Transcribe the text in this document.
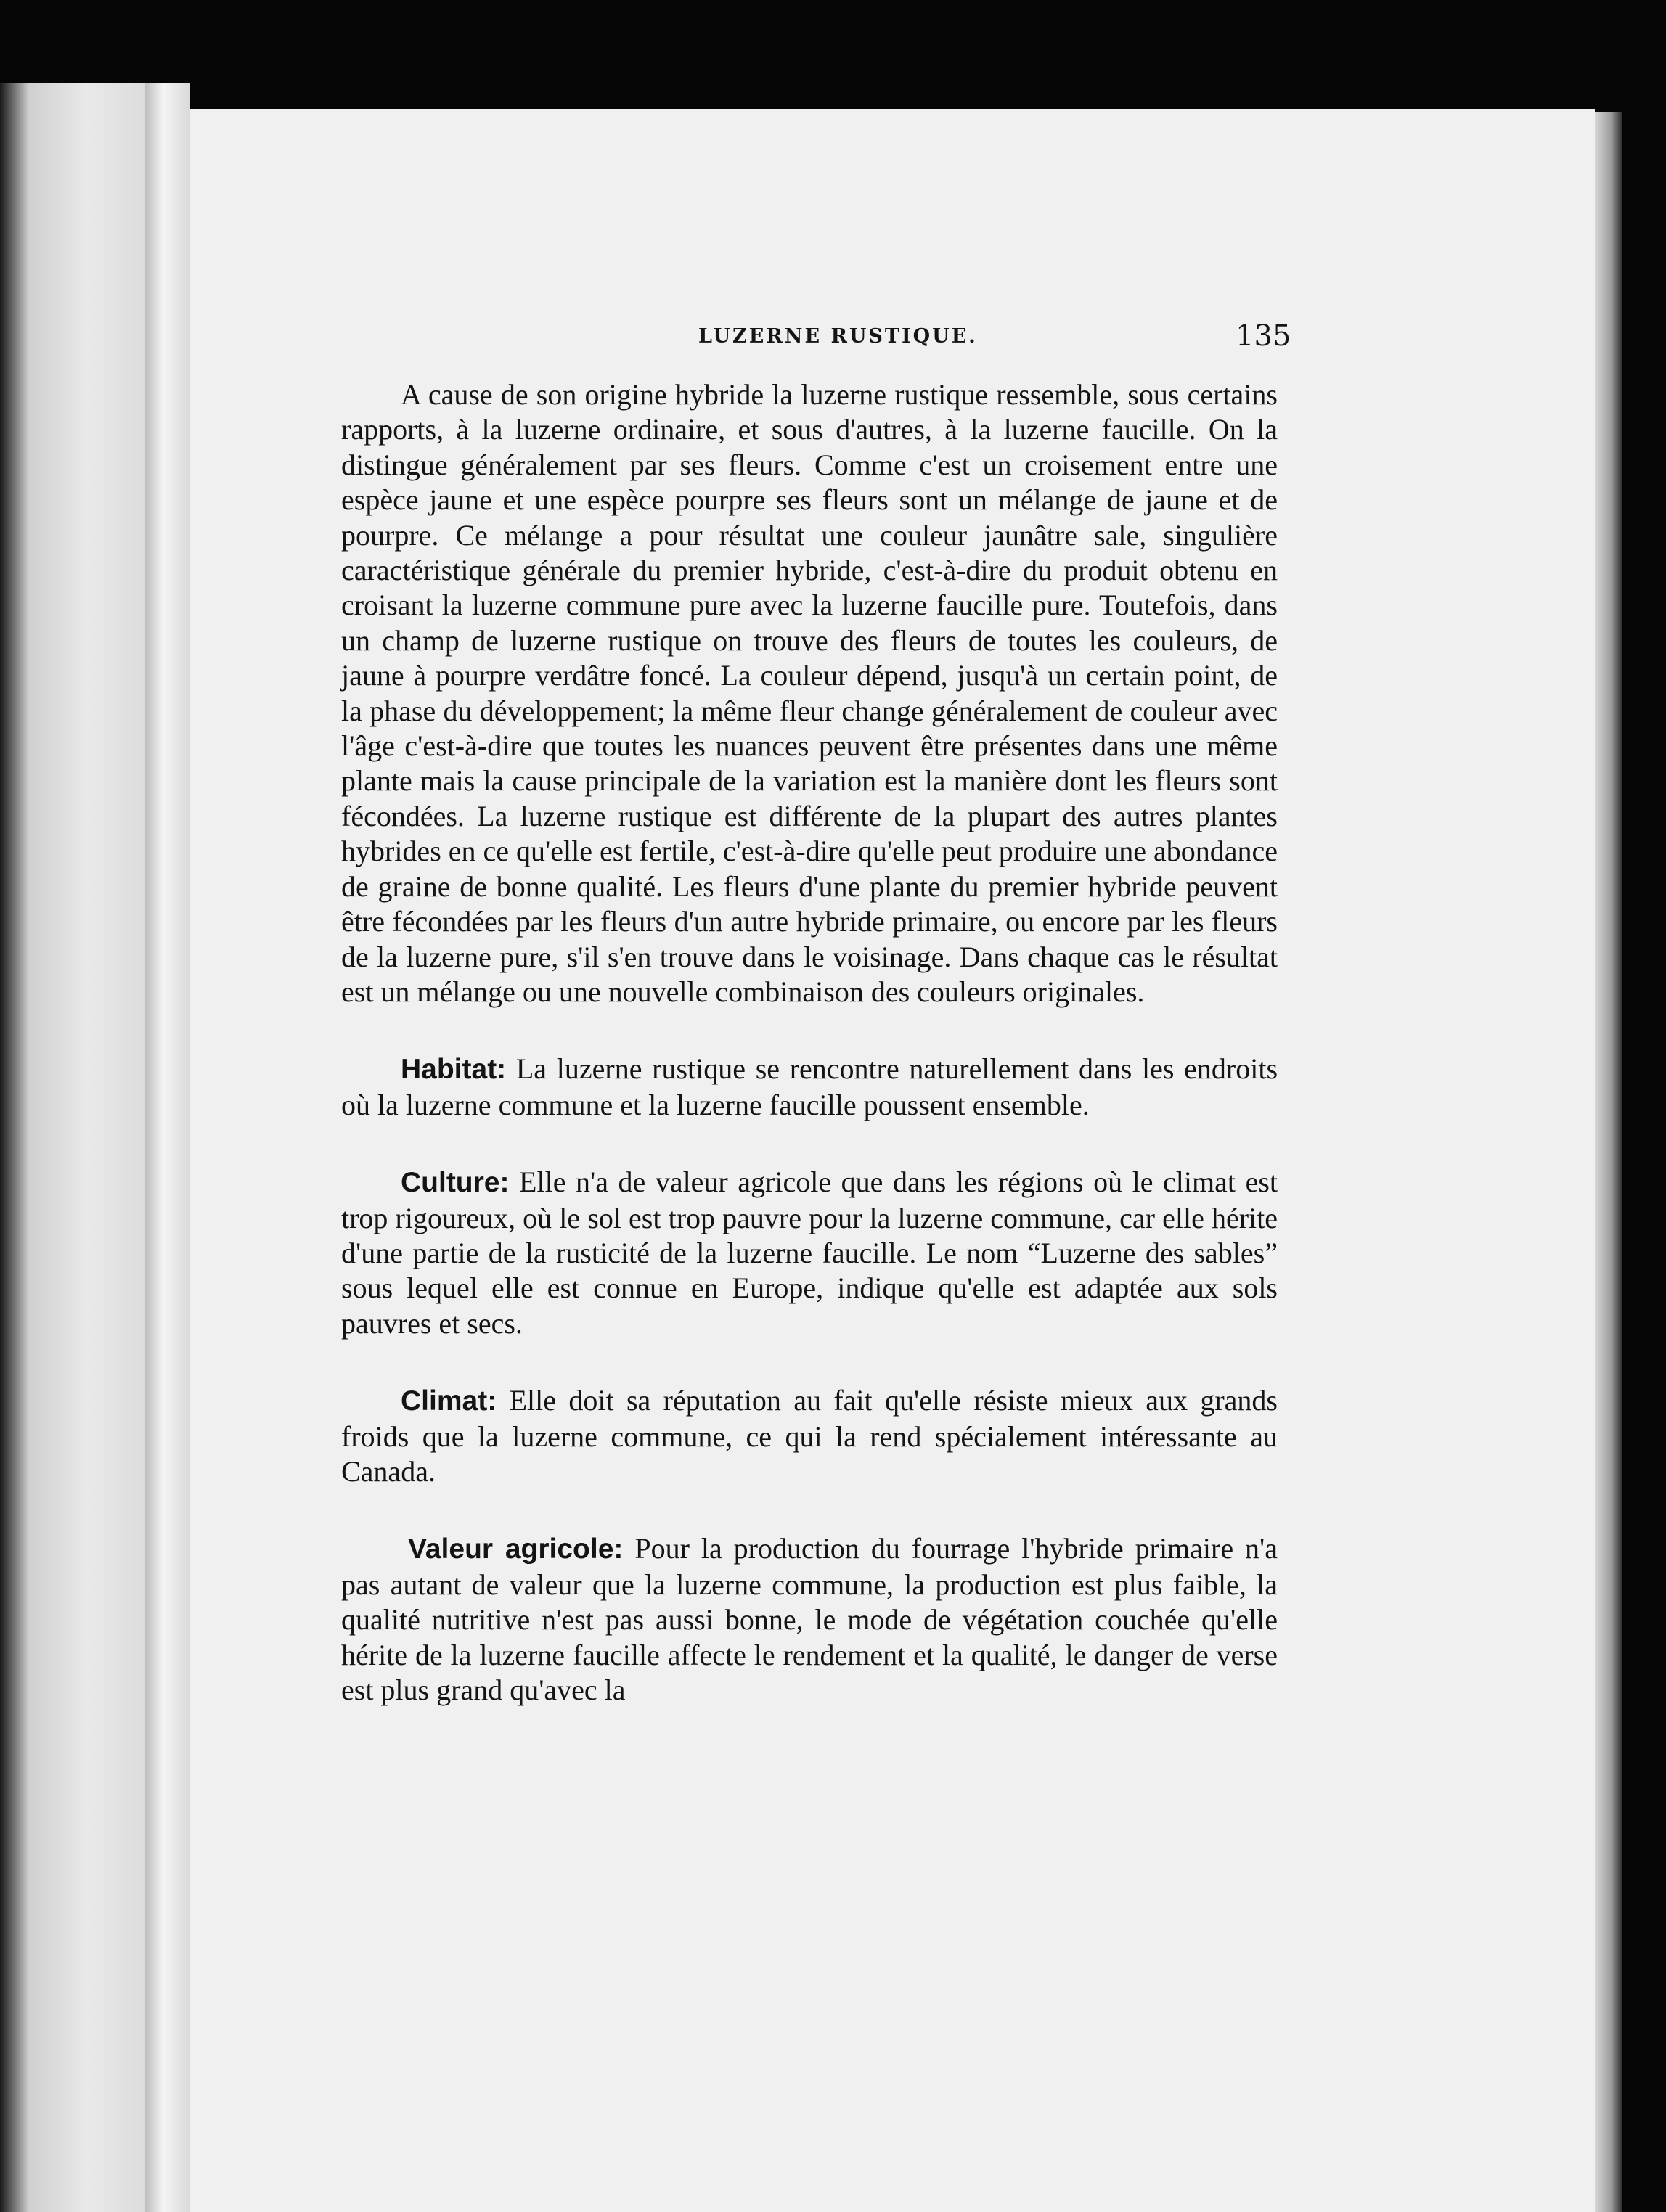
LUZERNE RUSTIQUE.	135

A cause de son origine hybride la luzerne rustique ressemble, sous certains rapports, à la luzerne ordinaire, et sous d'autres, à la luzerne faucille. On la distingue généralement par ses fleurs. Comme c'est un croisement entre une espèce jaune et une espèce pourpre ses fleurs sont un mélange de jaune et de pourpre. Ce mélange a pour résultat une couleur jaunâtre sale, singulière caractéristique générale du premier hybride, c'est-à-dire du produit obtenu en croisant la luzerne commune pure avec la luzerne faucille pure. Toutefois, dans un champ de luzerne rustique on trouve des fleurs de toutes les couleurs, de jaune à pourpre verdâtre foncé. La couleur dépend, jusqu'à un certain point, de la phase du développement; la même fleur change généralement de couleur avec l'âge c'est-à-dire que toutes les nuances peuvent être présentes dans une même plante mais la cause principale de la variation est la manière dont les fleurs sont fécondées. La luzerne rustique est différente de la plupart des autres plantes hybrides en ce qu'elle est fertile, c'est-à-dire qu'elle peut produire une abondance de graine de bonne qualité. Les fleurs d'une plante du premier hybride peuvent être fécondées par les fleurs d'un autre hybride primaire, ou encore par les fleurs de la luzerne pure, s'il s'en trouve dans le voisinage. Dans chaque cas le résultat est un mélange ou une nouvelle combinaison des couleurs originales.

Habitat: La luzerne rustique se rencontre naturellement dans les endroits où la luzerne commune et la luzerne faucille poussent ensemble.

Culture: Elle n'a de valeur agricole que dans les régions où le climat est trop rigoureux, où le sol est trop pauvre pour la luzerne commune, car elle hérite d'une partie de la rusticité de la luzerne faucille. Le nom “Luzerne des sables” sous lequel elle est connue en Europe, indique qu'elle est adaptée aux sols pauvres et secs.

Climat: Elle doit sa réputation au fait qu'elle résiste mieux aux grands froids que la luzerne commune, ce qui la rend spécialement intéressante au Canada.

Valeur agricole: Pour la production du fourrage l'hybride primaire n'a pas autant de valeur que la luzerne commune, la production est plus faible, la qualité nutritive n'est pas aussi bonne, le mode de végétation couchée qu'elle hérite de la luzerne faucille affecte le rendement et la qualité, le danger de verse est plus grand qu'avec la
